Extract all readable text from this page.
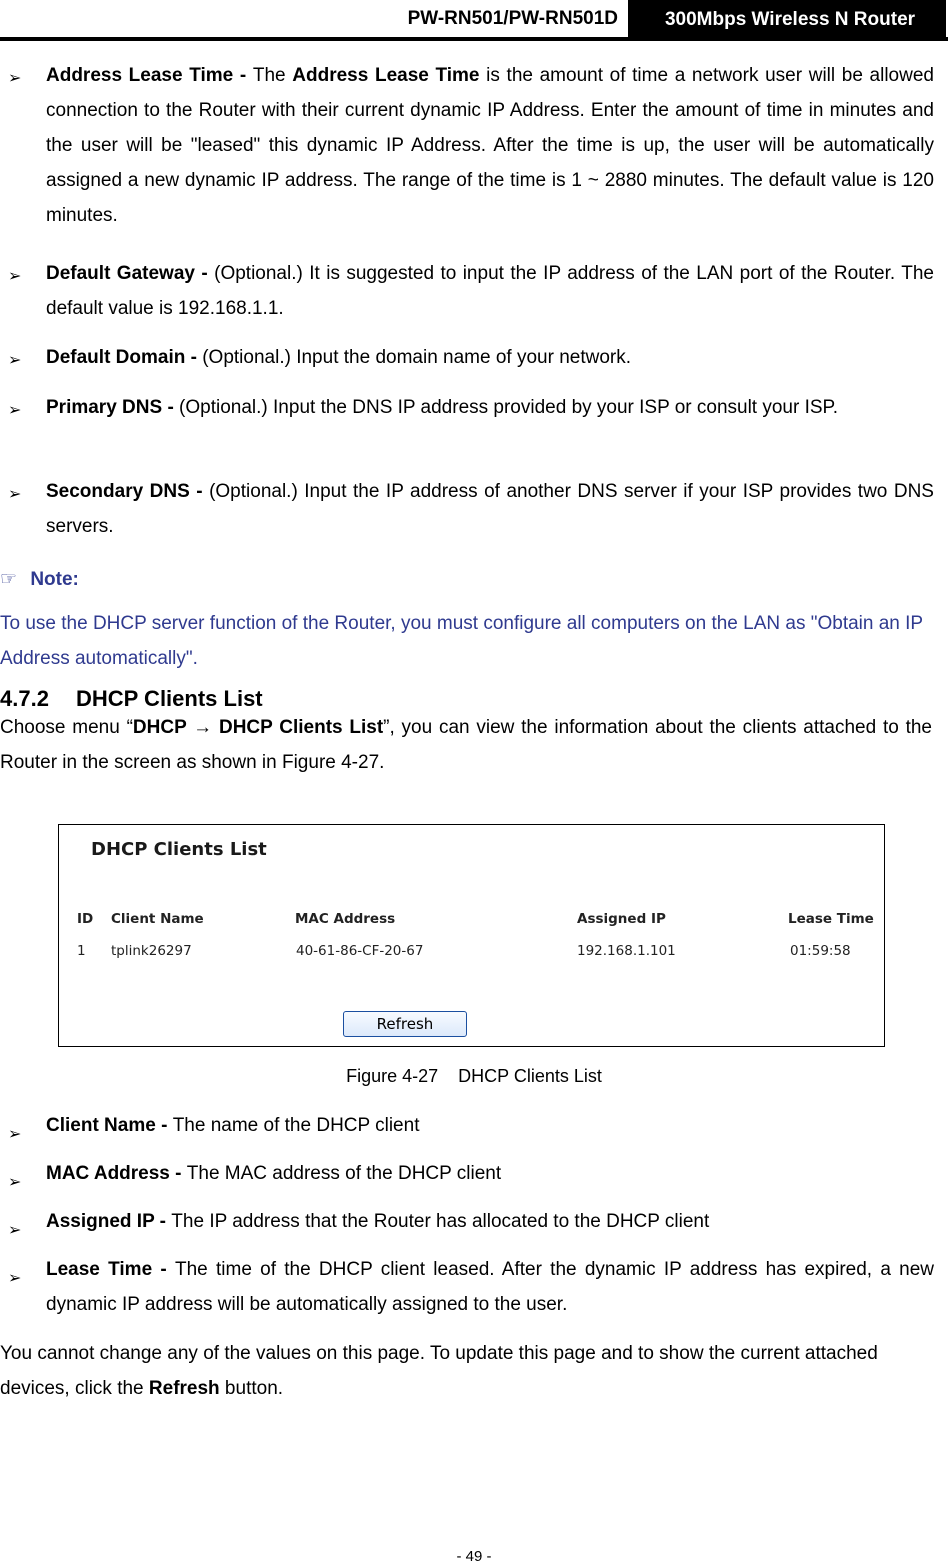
PW-RN501/PW-RN501D	300Mbps Wireless N Router
➢ Address Lease Time - The Address Lease Time is the amount of time a network user will be allowed connection to the Router with their current dynamic IP Address. Enter the amount of time in minutes and the user will be "leased" this dynamic IP Address. After the time is up, the user will be automatically assigned a new dynamic IP address. The range of the time is 1 ~ 2880 minutes. The default value is 120 minutes.
➢ Default Gateway - (Optional.) It is suggested to input the IP address of the LAN port of the Router. The default value is 192.168.1.1.
➢ Default Domain - (Optional.) Input the domain name of your network.
➢ Primary DNS - (Optional.) Input the DNS IP address provided by your ISP or consult your ISP.
➢ Secondary DNS - (Optional.) Input the IP address of another DNS server if your ISP provides two DNS servers.
☞ Note:
To use the DHCP server function of the Router, you must configure all computers on the LAN as "Obtain an IP Address automatically".
4.7.2 DHCP Clients List
Choose menu “DHCP → DHCP Clients List”, you can view the information about the clients attached to the Router in the screen as shown in Figure 4-27.
DHCP Clients List
ID Client Name	MAC Address	Assigned IP	Lease Time
1 tplink26297	40-61-86-CF-20-67	192.168.1.101	01:59:58
Refresh
Figure 4-27    DHCP Clients List
➢ Client Name - The name of the DHCP client
➢ MAC Address - The MAC address of the DHCP client
➢ Assigned IP - The IP address that the Router has allocated to the DHCP client
➢ Lease Time - The time of the DHCP client leased. After the dynamic IP address has expired, a new dynamic IP address will be automatically assigned to the user.
You cannot change any of the values on this page. To update this page and to show the current attached devices, click the Refresh button.
- 49 -
